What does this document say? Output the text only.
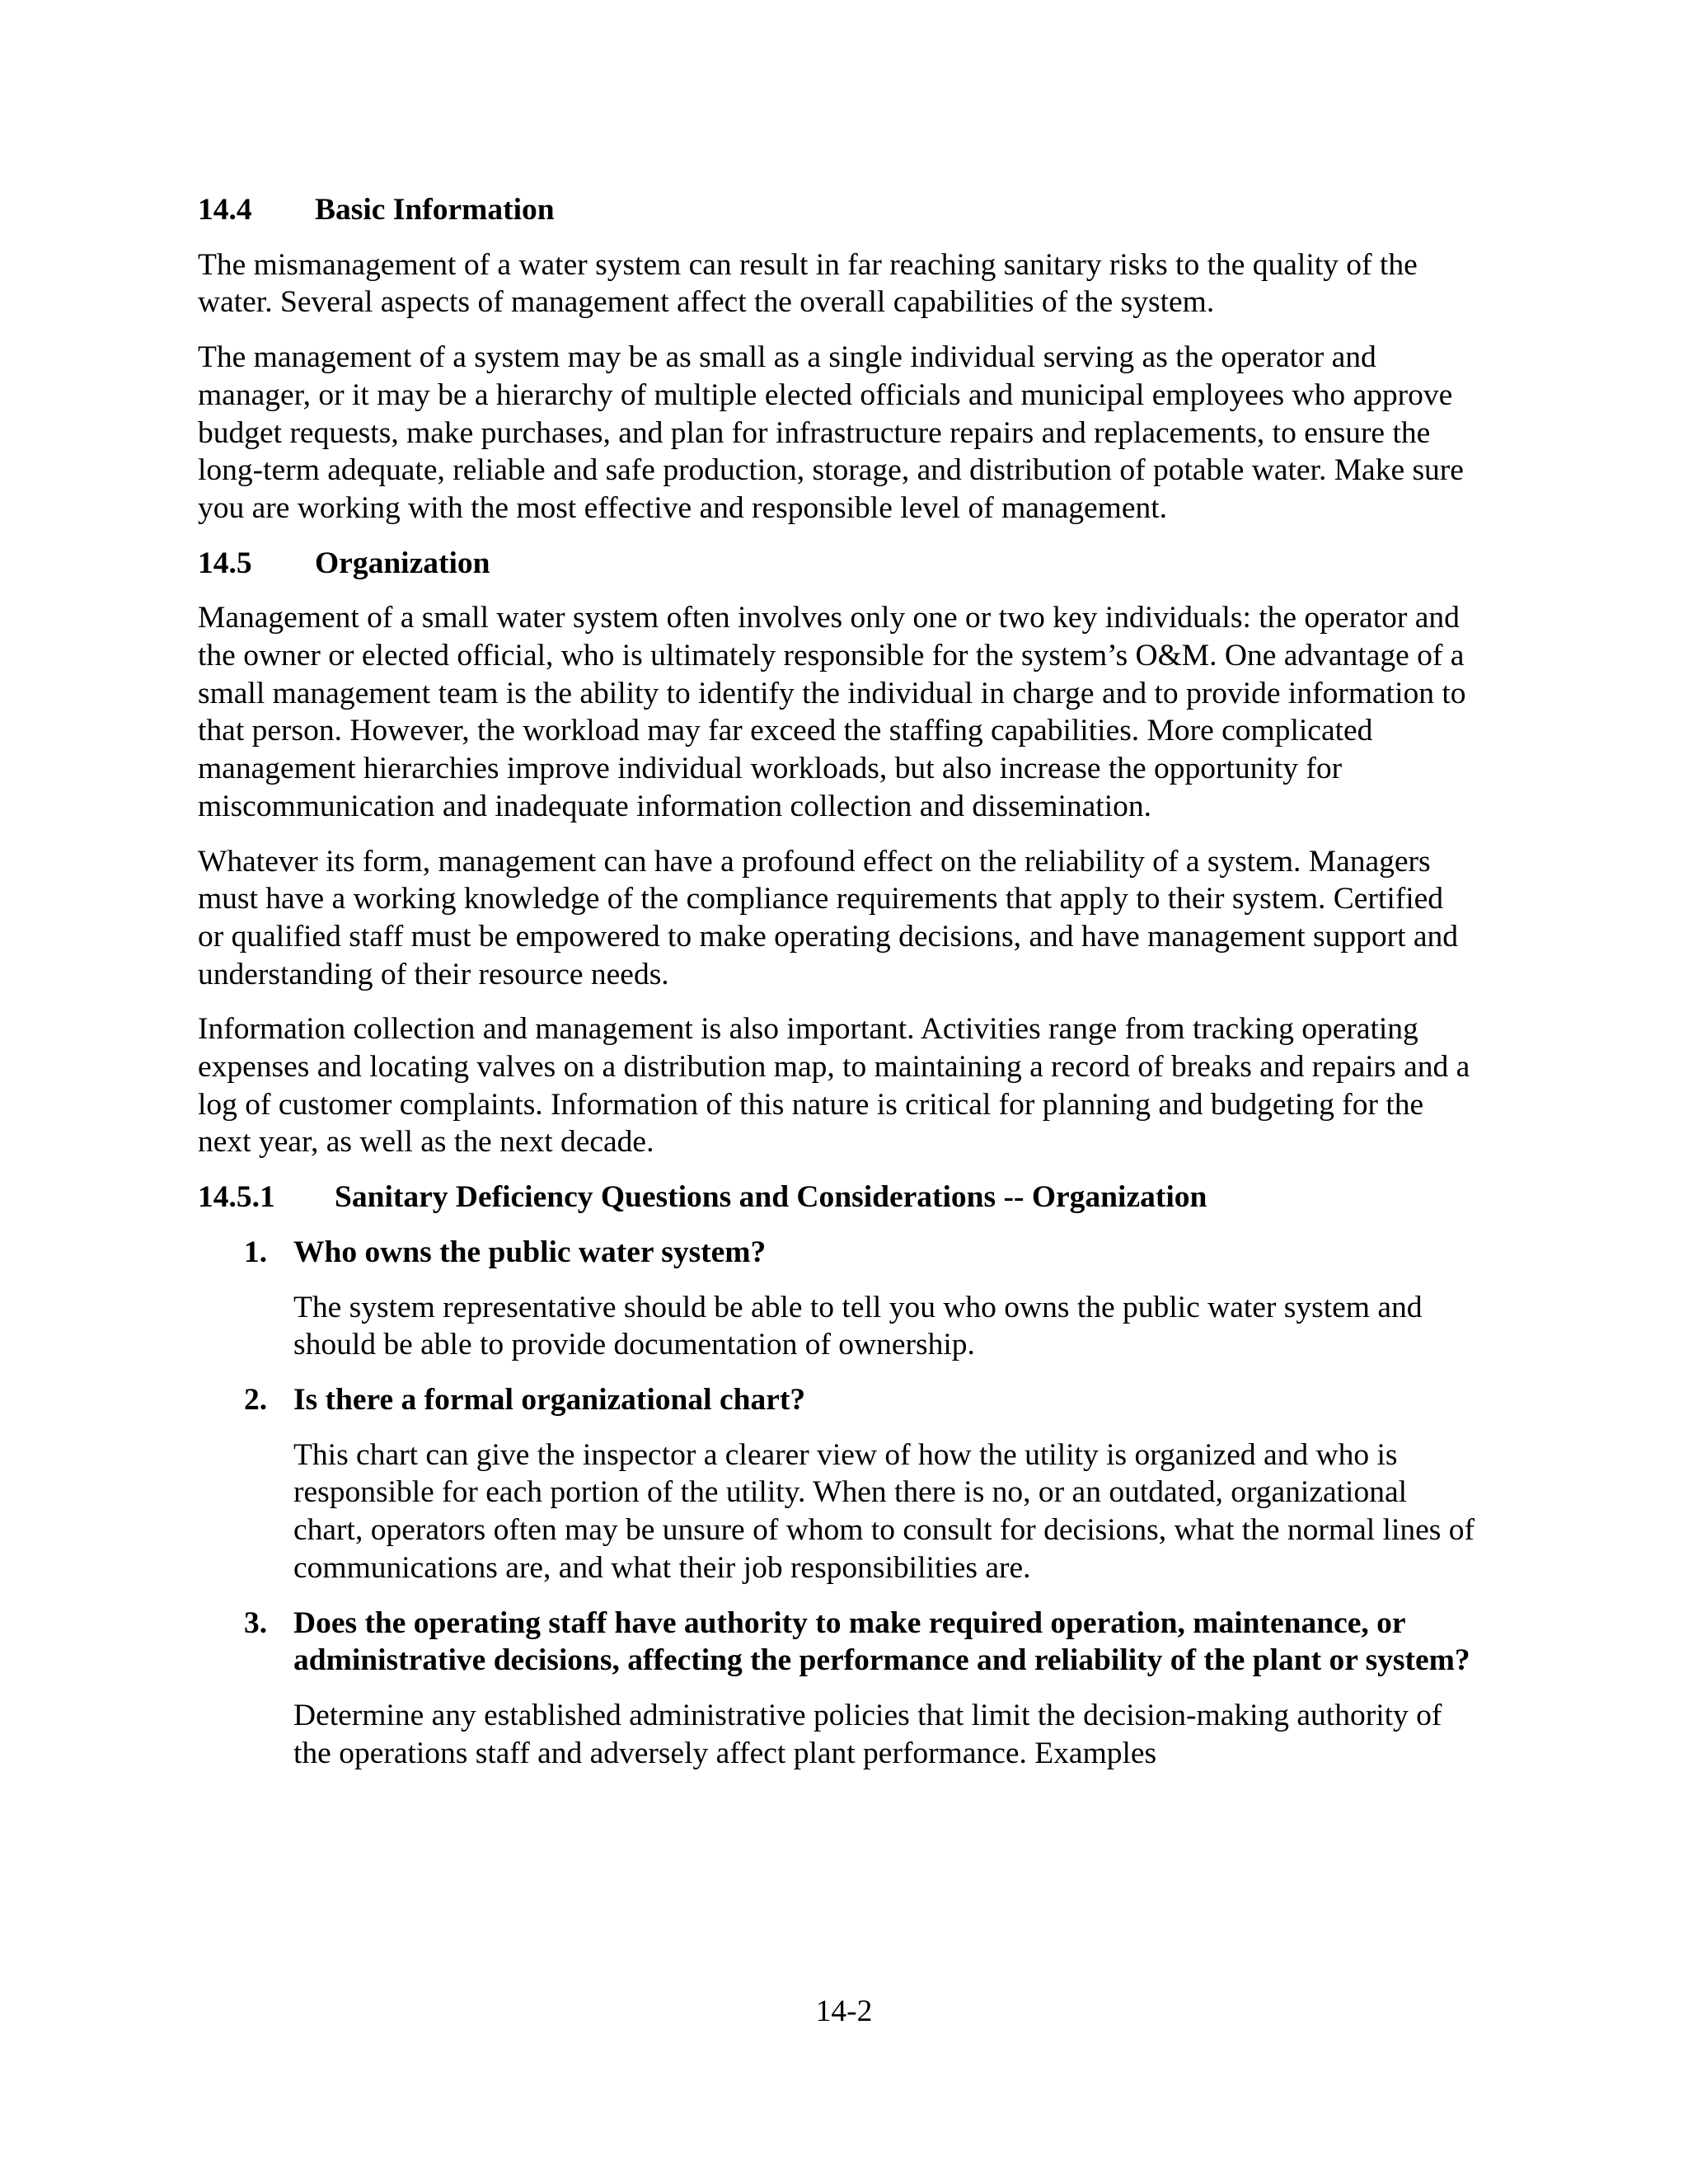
14.4	Basic Information

The mismanagement of a water system can result in far reaching sanitary risks to the quality of the water. Several aspects of management affect the overall capabilities of the system.

The management of a system may be as small as a single individual serving as the operator and manager, or it may be a hierarchy of multiple elected officials and municipal employees who approve budget requests, make purchases, and plan for infrastructure repairs and replacements, to ensure the long-term adequate, reliable and safe production, storage, and distribution of potable water. Make sure you are working with the most effective and responsible level of management.

14.5	Organization

Management of a small water system often involves only one or two key individuals: the operator and the owner or elected official, who is ultimately responsible for the system’s O&M. One advantage of a small management team is the ability to identify the individual in charge and to provide information to that person. However, the workload may far exceed the staffing capabilities. More complicated management hierarchies improve individual workloads, but also increase the opportunity for miscommunication and inadequate information collection and dissemination.

Whatever its form, management can have a profound effect on the reliability of a system. Managers must have a working knowledge of the compliance requirements that apply to their system. Certified or qualified staff must be empowered to make operating decisions, and have management support and understanding of their resource needs.

Information collection and management is also important. Activities range from tracking operating expenses and locating valves on a distribution map, to maintaining a record of breaks and repairs and a log of customer complaints. Information of this nature is critical for planning and budgeting for the next year, as well as the next decade.

14.5.1	Sanitary Deficiency Questions and Considerations -- Organization
1. Who owns the public water system?

The system representative should be able to tell you who owns the public water system and should be able to provide documentation of ownership.

2. Is there a formal organizational chart?

This chart can give the inspector a clearer view of how the utility is organized and who is responsible for each portion of the utility. When there is no, or an outdated, organizational chart, operators often may be unsure of whom to consult for decisions, what the normal lines of communications are, and what their job responsibilities are.

3. Does the operating staff have authority to make required operation, maintenance, or administrative decisions, affecting the performance and reliability of the plant or system?

Determine any established administrative policies that limit the decision-making authority of the operations staff and adversely affect plant performance. Examples

14-2
